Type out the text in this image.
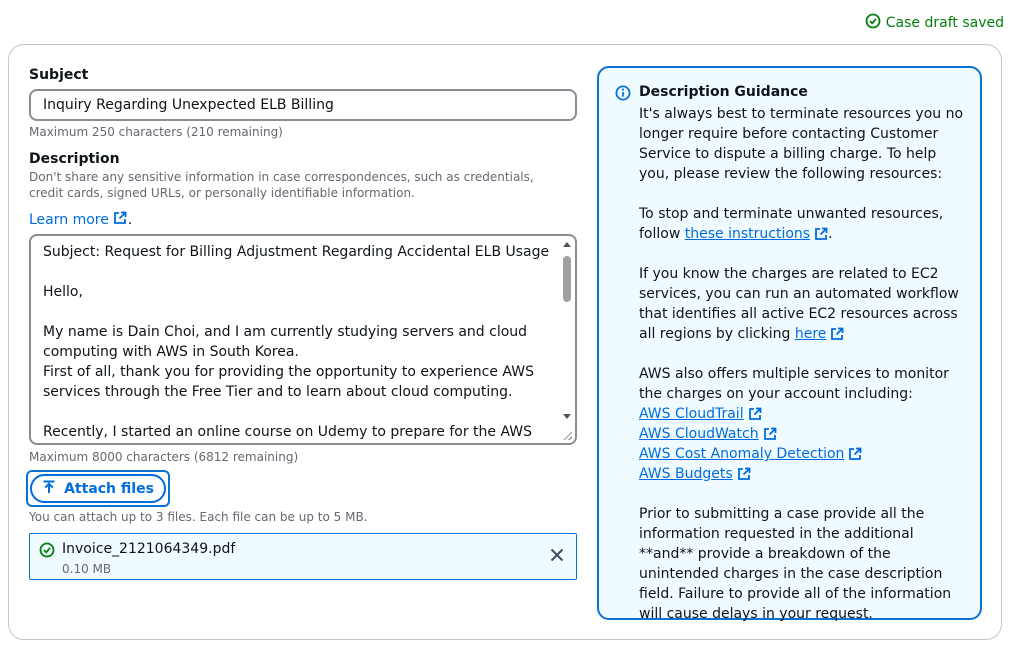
Case draft saved
Subject
Inquiry Regarding Unexpected ELB Billing
Maximum 250 characters (210 remaining)
Description
Don't share any sensitive information in case correspondences, such as credentials, credit cards, signed URLs, or personally identifiable information.
Learn more .

Subject: Request for Billing Adjustment Regarding Accidental ELB Usage

Hello,

My name is Dain Choi, and I am currently studying servers and cloud computing with AWS in South Korea.

First of all, thank you for providing the opportunity to experience AWS services through the Free Tier and to learn about cloud computing.

Recently, I started an online course on Udemy to prepare for the AWS

Maximum 8000 characters (6812 remaining)
Attach files
You can attach up to 3 files. Each file can be up to 5 MB.
Invoice_2121064349.pdf
0.10 MB
Description Guidance

It's always best to terminate resources you no longer require before contacting Customer Service to dispute a billing charge. To help you, please review the following resources:

To stop and terminate unwanted resources, follow these instructions .

If you know the charges are related to EC2 services, you can run an automated workflow that identifies all active EC2 resources across all regions by clicking here

AWS also offers multiple services to monitor the charges on your account including:

AWS CloudTrail

AWS CloudWatch

AWS Cost Anomaly Detection

AWS Budgets

Prior to submitting a case provide all the information requested in the additional **and** provide a breakdown of the unintended charges in the case description field. Failure to provide all of the information will cause delays in your request.
